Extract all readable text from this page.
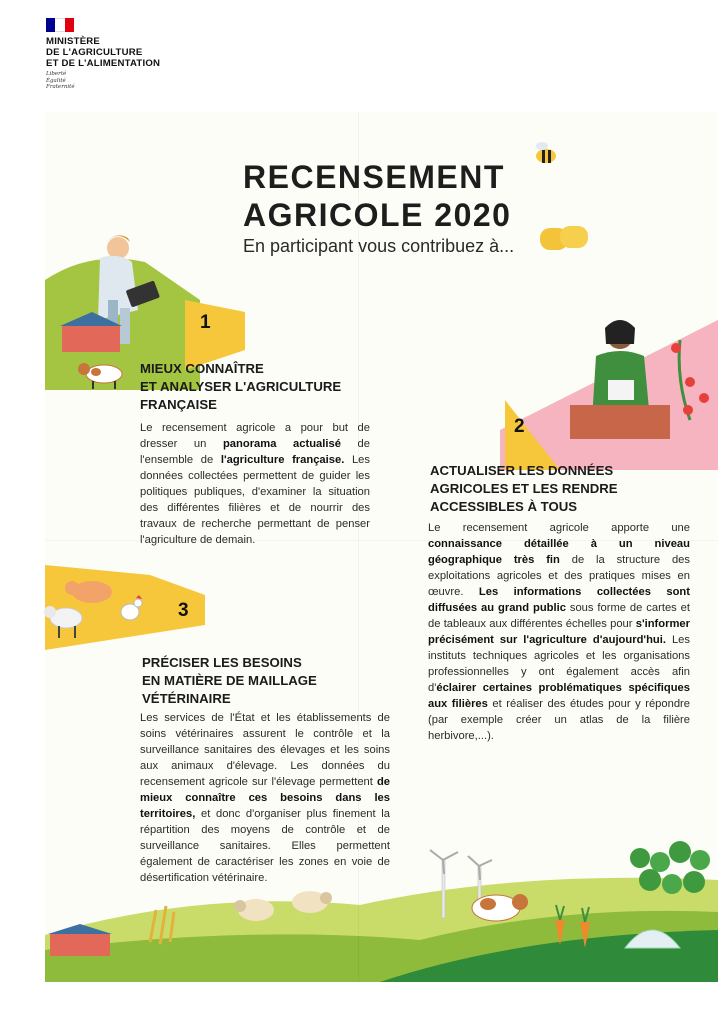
MINISTÈRE
DE L'AGRICULTURE
ET DE L'ALIMENTATION
Liberté
Égalité
Fraternité
RECENSEMENT
AGRICOLE 2020
En participant vous contribuez à...
1
2
3
MIEUX CONNAÎTRE
ET ANALYSER L'AGRICULTURE
FRANÇAISE
Le recensement agricole a pour but de dresser un panorama actualisé de l'ensemble de l'agriculture française. Les données collectées permettent de guider les politiques publiques, d'examiner la situation des différentes filières et de nourrir des travaux de recherche permettant de penser l'agriculture de demain.
ACTUALISER LES DONNÉES
AGRICOLES ET LES RENDRE
ACCESSIBLES À TOUS
Le recensement agricole apporte une connaissance détaillée à un niveau géographique très fin de la structure des exploitations agricoles et des pratiques mises en œuvre. Les informations collectées sont diffusées au grand public sous forme de cartes et de tableaux aux différentes échelles pour s'informer précisément sur l'agriculture d'aujourd'hui. Les instituts techniques agricoles et les organisations professionnelles y ont également accès afin d'éclairer certaines problématiques spécifiques aux filières et réaliser des études pour y répondre (par exemple créer un atlas de la filière herbivore,...).
PRÉCISER LES BESOINS
EN MATIÈRE DE MAILLAGE
VÉTÉRINAIRE
Les services de l'État et les établissements de soins vétérinaires assurent le contrôle et la surveillance sanitaires des élevages et les soins aux animaux d'élevage. Les données du recensement agricole sur l'élevage permettent de mieux connaître ces besoins dans les territoires, et donc d'organiser plus finement la répartition des moyens de contrôle et de surveillance sanitaires. Elles permettent également de caractériser les zones en voie de désertification vétérinaire.
